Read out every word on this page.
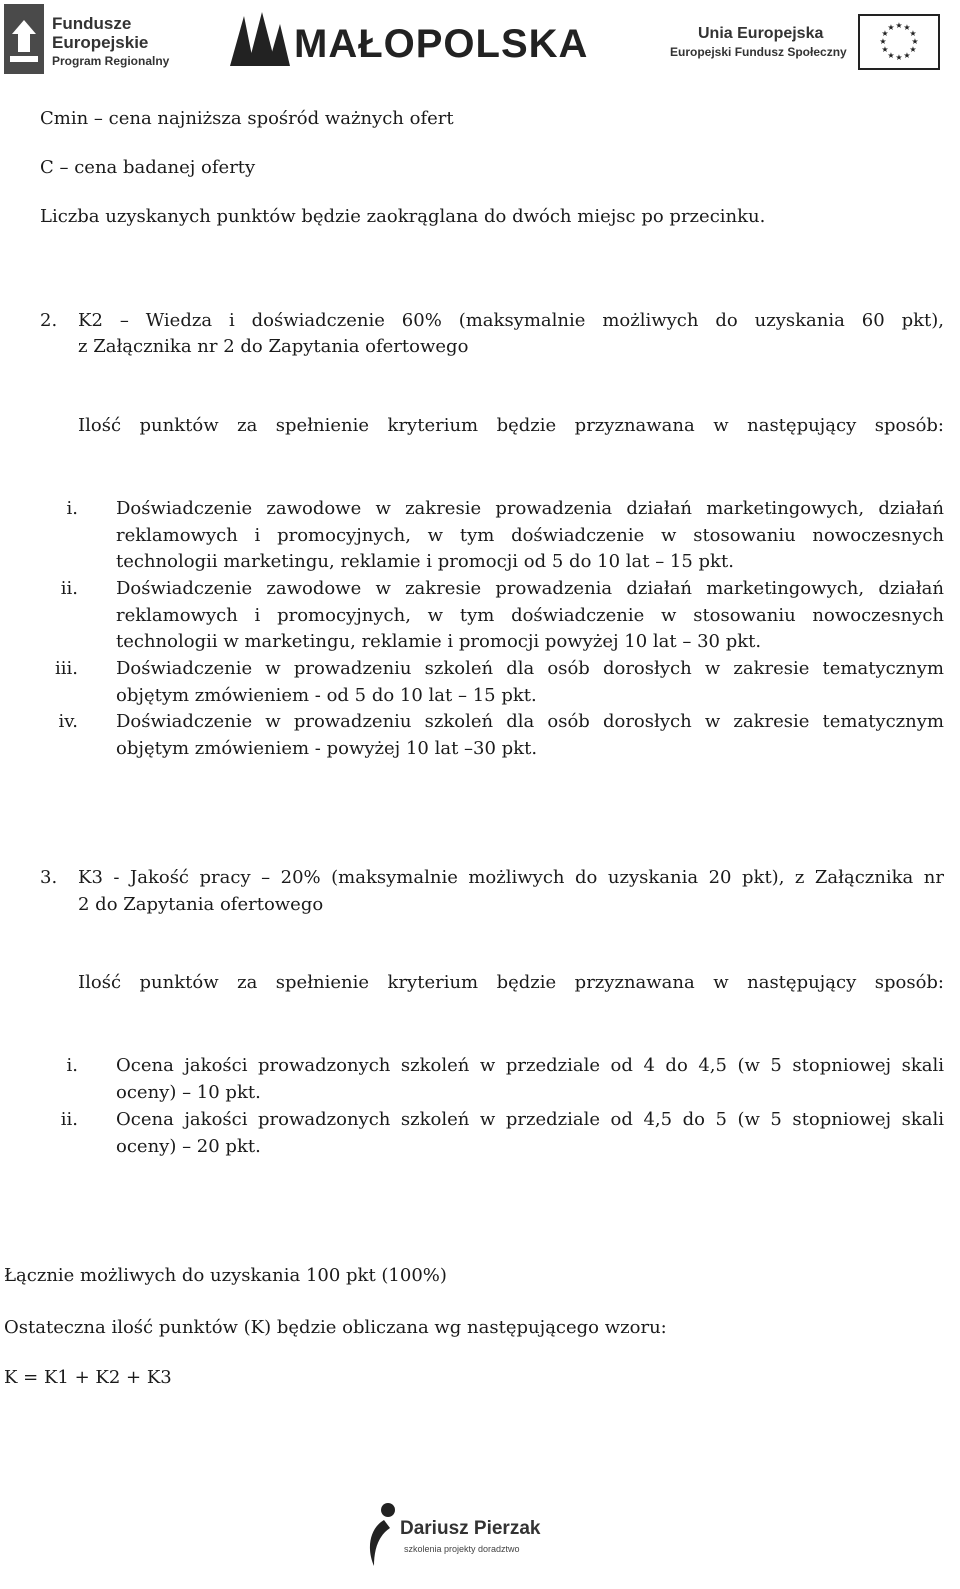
Fundusze
Europejskie
Program Regionalny	MAŁOPOLSKA	Unia Europejska
Europejski Fundusz Społeczny
★ ★
★
★
★
★
★
★
★
★
★
★
Cmin – cena najniższa spośród ważnych ofert
C – cena badanej oferty
Liczba uzyskanych punktów będzie zaokrąglana do dwóch miejsc po przecinku.
2. K2 – Wiedza i doświadczenie 60% (maksymalnie możliwych do uzyskania 60 pkt),
z Załącznika nr 2 do Zapytania ofertowego
Ilość punktów za spełnienie kryterium będzie przyznawana w następujący sposób:
i. Doświadczenie zawodowe w zakresie prowadzenia działań marketingowych, działań reklamowych i promocyjnych, w tym doświadczenie w stosowaniu nowoczesnych technologii marketingu, reklamie i promocji od 5 do 10 lat – 15 pkt.
ii. Doświadczenie zawodowe w zakresie prowadzenia działań marketingowych, działań reklamowych i promocyjnych, w tym doświadczenie w stosowaniu nowoczesnych technologii w marketingu, reklamie i promocji powyżej 10 lat – 30 pkt.
iii. Doświadczenie w prowadzeniu szkoleń dla osób dorosłych w zakresie tematycznym objętym zmówieniem - od 5 do 10 lat – 15 pkt.
iv. Doświadczenie w prowadzeniu szkoleń dla osób dorosłych w zakresie tematycznym objętym zmówieniem - powyżej 10 lat –30 pkt.
3. K3 - Jakość pracy – 20% (maksymalnie możliwych do uzyskania 20 pkt), z Załącznika nr
2 do Zapytania ofertowego
Ilość punktów za spełnienie kryterium będzie przyznawana w następujący sposób:
i. Ocena jakości prowadzonych szkoleń w przedziale od 4 do 4,5 (w 5 stopniowej skali oceny) – 10 pkt.
ii. Ocena jakości prowadzonych szkoleń w przedziale od 4,5 do 5 (w 5 stopniowej skali oceny) – 20 pkt.
Łącznie możliwych do uzyskania 100 pkt (100%)
Ostateczna ilość punktów (K) będzie obliczana wg następującego wzoru:
K = K1 + K2 + K3
Dariusz Pierzak
szkolenia projekty doradztwo
